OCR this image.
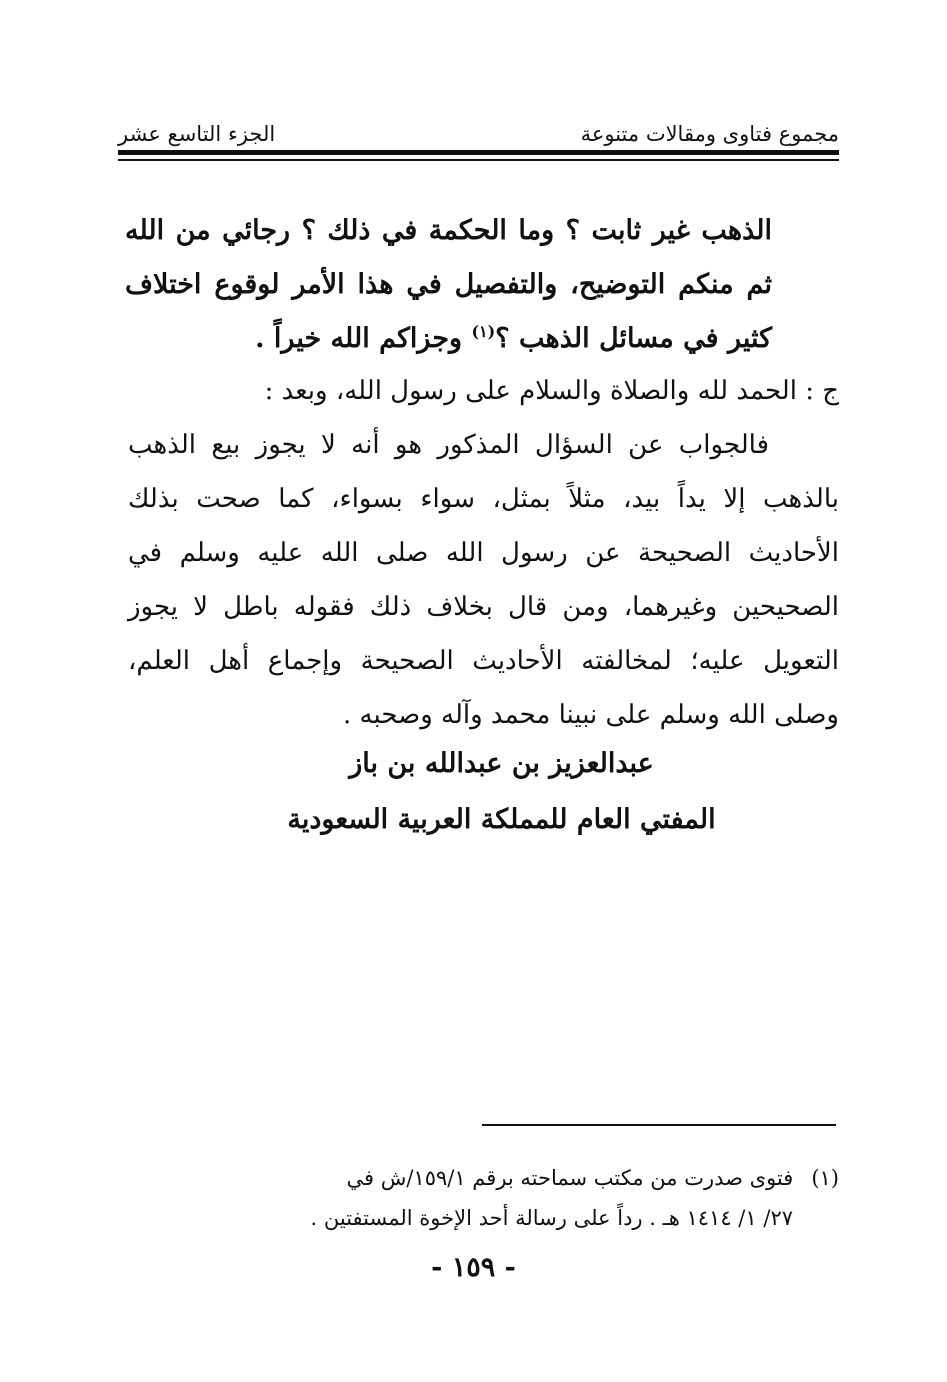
مجموع فتاوى ومقالات متنوعة
الجزء التاسع عشر

الذهب غير ثابت ؟ وما الحكمة في ذلك ؟ رجائي من الله ثم منكم التوضيح، والتفصيل في هذا الأمر لوقوع اختلاف كثير في مسائل الذهب ؟$^{(١)}$ وجزاكم الله خيراً .

ج : الحمد لله والصلاة والسلام على رسول الله، وبعد :

فالجواب عن السؤال المذكور هو أنه لا يجوز بيع الذهب بالذهب إلا يداً بيد، مثلاً بمثل، سواء بسواء، كما صحت بذلك الأحاديث الصحيحة عن رسول الله صلى الله عليه وسلم في الصحيحين وغيرهما، ومن قال بخلاف ذلك فقوله باطل لا يجوز التعويل عليه؛ لمخالفته الأحاديث الصحيحة وإجماع أهل العلم، وصلى الله وسلم على نبينا محمد وآله وصحبه .

عبدالعزيز بن عبدالله بن باز
المفتي العام للمملكة العربية السعودية
(١)فتوى صدرت من مكتب سماحته برقم ١٥٩/١/ش في
٢٧/ ١/ ١٤١٤ هـ . رداً على رسالة أحد الإخوة المستفتين .
- ١٥٩ -
